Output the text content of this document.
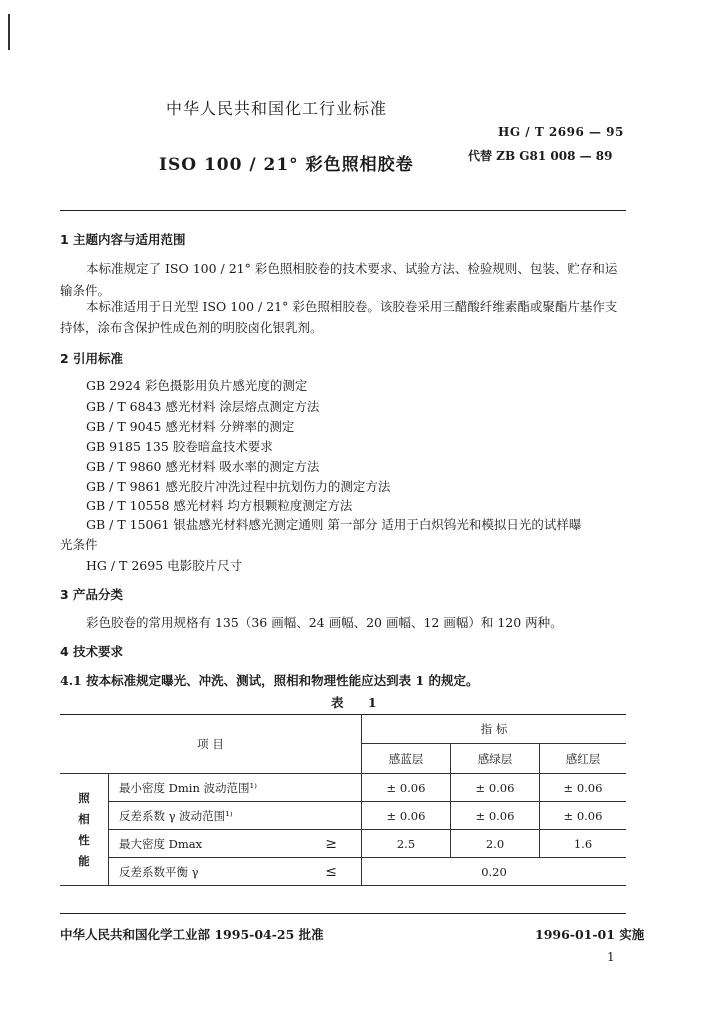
中华人民共和国化工行业标准
HG / T 2696 — 95
ISO 100 / 21° 彩色照相胶卷	代替 ZB G81 008 — 89
1 主题内容与适用范围
本标准规定了 ISO 100 / 21° 彩色照相胶卷的技术要求、试验方法、检验规则、包装、贮存和运
输条件。
本标准适用于日光型 ISO 100 / 21° 彩色照相胶卷。该胶卷采用三醋酸纤维素酯或聚酯片基作支
持体，涂布含保护性成色剂的明胶卤化银乳剂。
2 引用标准
GB 2924 彩色摄影用负片感光度的测定
GB / T 6843 感光材料 涂层熔点测定方法
GB / T 9045 感光材料 分辨率的测定
GB 9185 135 胶卷暗盒技术要求
GB / T 9860 感光材料 吸水率的测定方法
GB / T 9861 感光胶片冲洗过程中抗划伤力的测定方法
GB / T 10558 感光材料 均方根颗粒度测定方法
GB / T 15061 银盐感光材料感光测定通则 第一部分 适用于白炽钨光和模拟日光的试样曝
光条件
HG / T 2695 电影胶片尺寸
3 产品分类
彩色胶卷的常用规格有 135（36 画幅、24 画幅、20 画幅、12 画幅）和 120 两种。
4 技术要求
4.1 按本标准规定曝光、冲洗、测试，照相和物理性能应达到表 1 的规定。
表 1
项 目		指 标		
		感蓝层	感绿层	感红层

照
相
性
能	最小密度 Dmin 波动范围¹⁾	± 0.06	± 0.06	± 0.06
	反差系数 γ 波动范围¹⁾	± 0.06	± 0.06	± 0.06
	最大密度 Dmax ≥	2.5	2.0	1.6
	反差系数平衡 γ ≤	0.20		
中华人民共和国化学工业部 1995-04-25 批准	1996-01-01 实施
1
